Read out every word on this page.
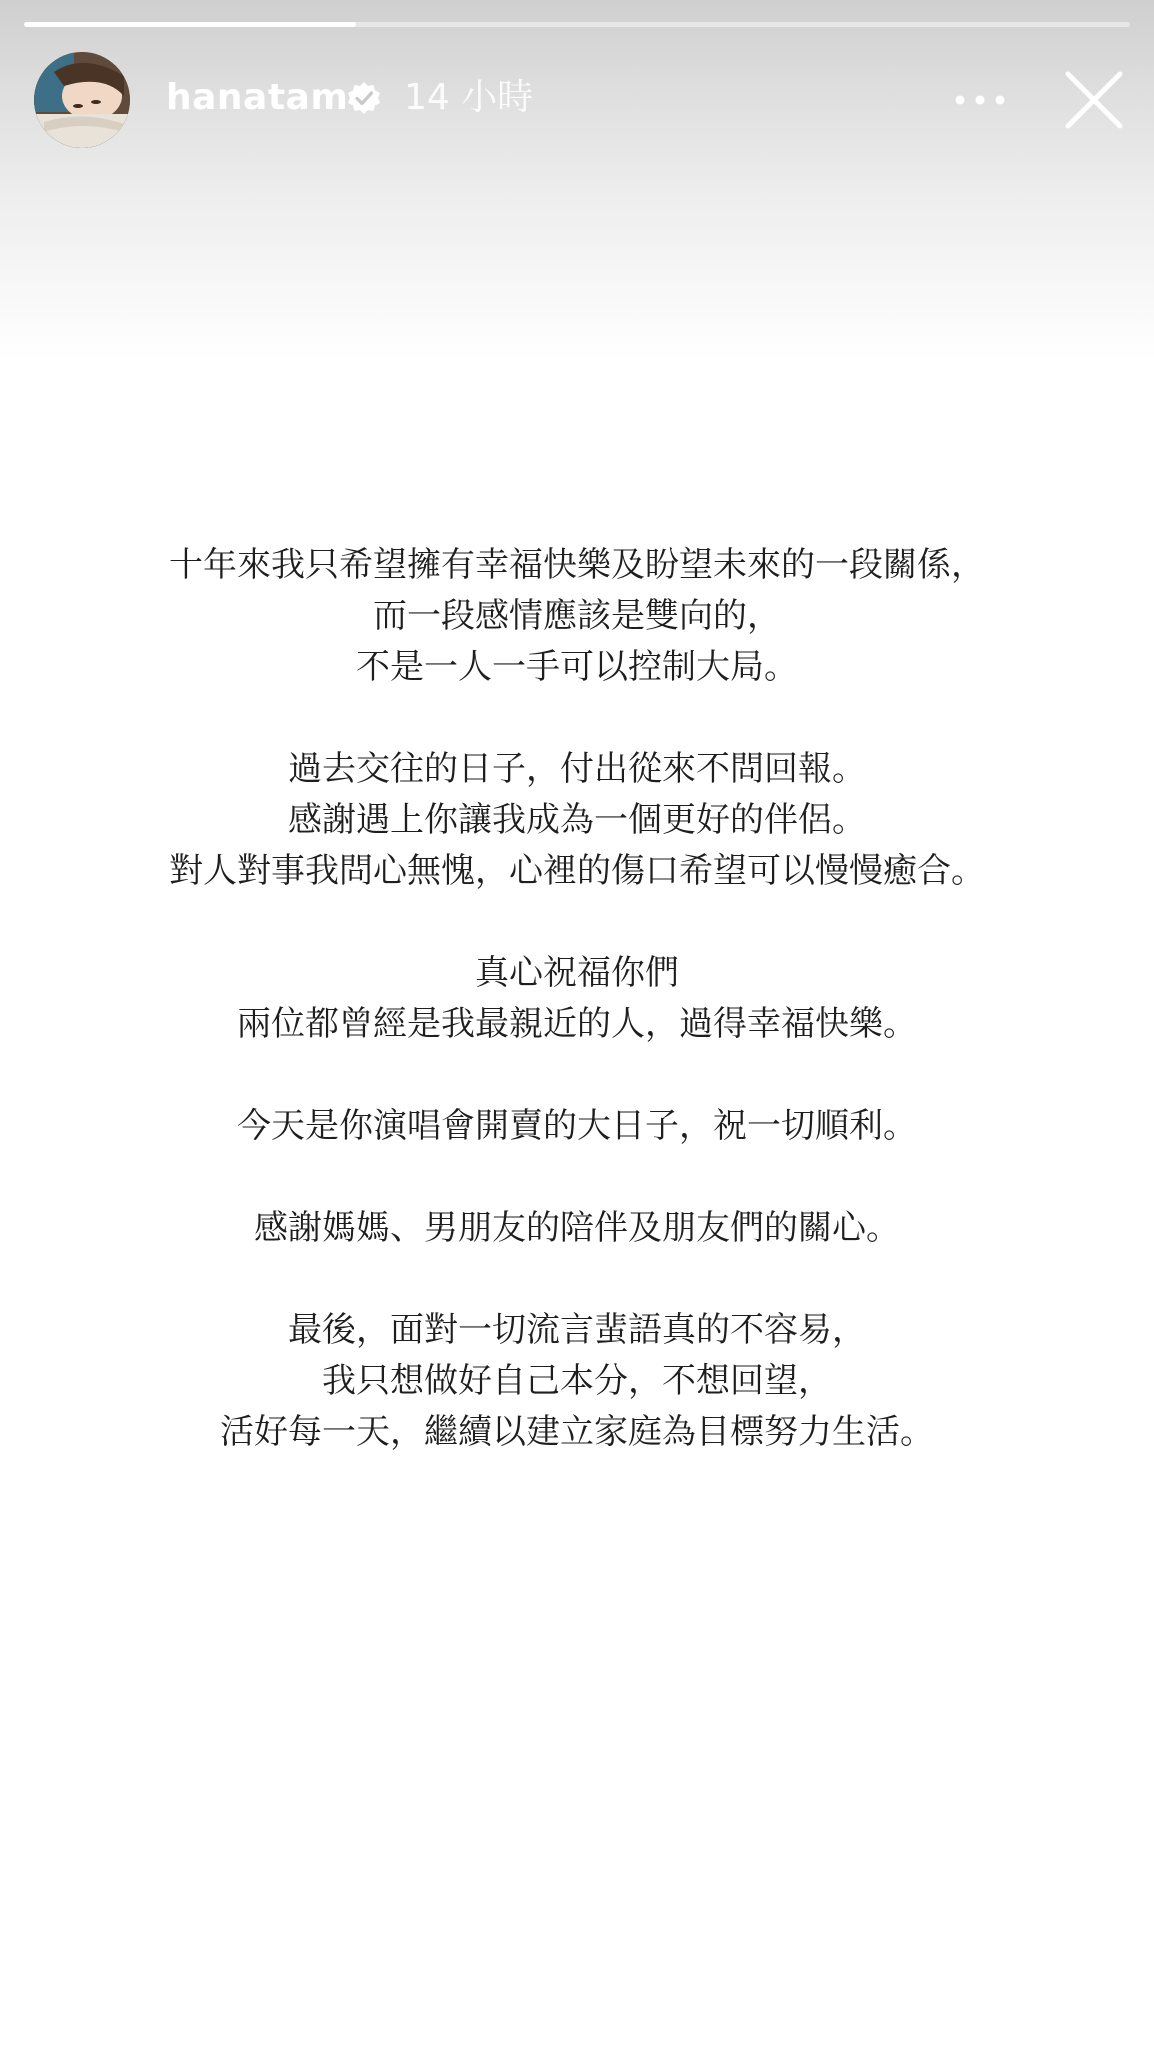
hanatam 14 小時

十年來我只希望擁有幸福快樂及盼望未來的一段關係，
而一段感情應該是雙向的，
不是一人一手可以控制大局。

過去交往的日子，付出從來不問回報。
感謝遇上你讓我成為一個更好的伴侶。
對人對事我問心無愧，心裡的傷口希望可以慢慢癒合。

真心祝福你們
兩位都曾經是我最親近的人，過得幸福快樂。

今天是你演唱會開賣的大日子，祝一切順利。

感謝媽媽、男朋友的陪伴及朋友們的關心。

最後，面對一切流言蜚語真的不容易，
我只想做好自己本分，不想回望，
活好每一天，繼續以建立家庭為目標努力生活。
